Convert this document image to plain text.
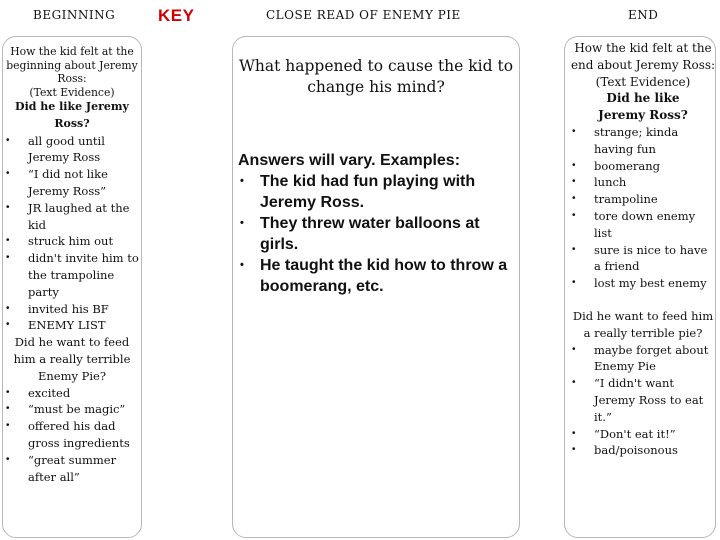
BEGINNING	KEY	CLOSE READ OF ENEMY PIE	END
How the kid felt at the
beginning about Jeremy
Ross:
(Text Evidence)
Did he like Jeremy Ross?
• all good until Jeremy Ross
• “I did not like Jeremy Ross”
• JR laughed at the kid
• struck him out
• didn't invite him to the trampoline party
• invited his BF
• ENEMY LIST
Did he want to feed him a really terrible Enemy Pie?
• excited
• “must be magic”
• offered his dad gross ingredients
• “great summer after all”
What happened to cause the kid to change his mind?
Answers will vary. Examples:
• The kid had fun playing with Jeremy Ross.
• They threw water balloons at girls.
• He taught the kid how to throw a boomerang, etc.
How the kid felt at the
end about Jeremy Ross:
(Text Evidence)
Did he like Jeremy Ross?
• strange; kinda having fun
• boomerang
• lunch
• trampoline
• tore down enemy list
• sure is nice to have a friend
• lost my best enemy
Did he want to feed him a really terrible pie?
• maybe forget about Enemy Pie
• “I didn't want Jeremy Ross to eat it.”
• “Don't eat it!”
• bad/poisonous
